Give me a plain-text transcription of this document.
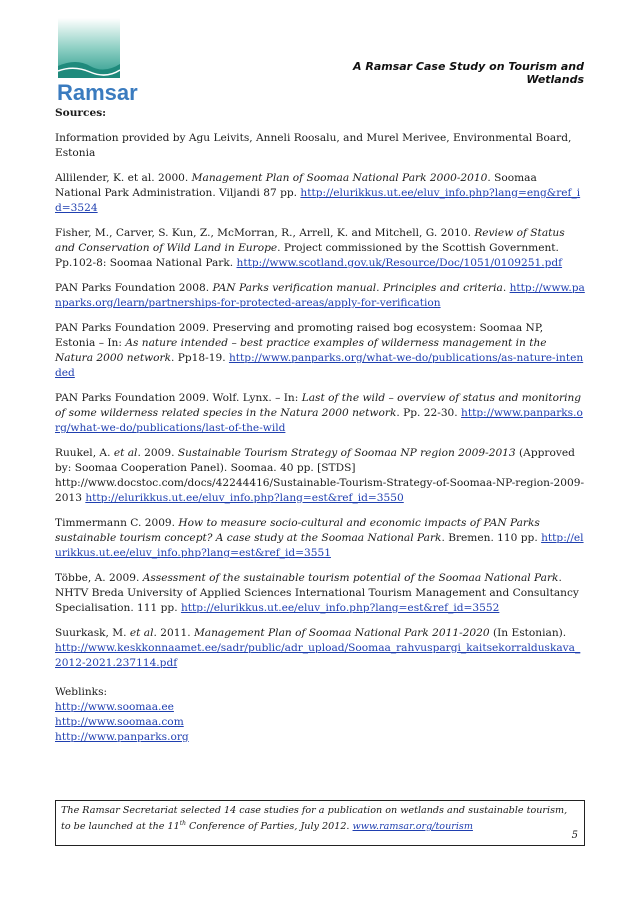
Ramsar
A Ramsar Case Study on Tourism and Wetlands

Sources:

Information provided by Agu Leivits, Anneli Roosalu, and Murel Merivee, Environmental Board, Estonia

Allilender, K. et al. 2000. Management Plan of Soomaa National Park 2000-2010. Soomaa National Park Administration. Viljandi 87 pp. http://elurikkus.ut.ee/eluv_info.php?lang=eng&ref_id=3524

Fisher, M., Carver, S. Kun, Z., McMorran, R., Arrell, K. and Mitchell, G. 2010. Review of Status and Conservation of Wild Land in Europe. Project commissioned by the Scottish Government. Pp.102-8: Soomaa National Park. http://www.scotland.gov.uk/Resource/Doc/1051/0109251.pdf

PAN Parks Foundation 2008. PAN Parks verification manual. Principles and criteria. http://www.panparks.org/learn/partnerships-for-protected-areas/apply-for-verification

PAN Parks Foundation 2009. Preserving and promoting raised bog ecosystem: Soomaa NP, Estonia – In: As nature intended – best practice examples of wilderness management in the Natura 2000 network. Pp18-19. http://www.panparks.org/what-we-do/publications/as-nature-intended

PAN Parks Foundation 2009. Wolf. Lynx. – In: Last of the wild – overview of status and monitoring of some wilderness related species in the Natura 2000 network. Pp. 22-30. http://www.panparks.org/what-we-do/publications/last-of-the-wild

Ruukel, A. et al. 2009. Sustainable Tourism Strategy of Soomaa NP region 2009-2013 (Approved by: Soomaa Cooperation Panel). Soomaa. 40 pp. [STDS] http://www.docstoc.com/docs/42244416/Sustainable-Tourism-Strategy-of-Soomaa-NP-region-2009-2013 http://elurikkus.ut.ee/eluv_info.php?lang=est&ref_id=3550

Timmermann C. 2009. How to measure socio-cultural and economic impacts of PAN Parks sustainable tourism concept? A case study at the Soomaa National Park. Bremen. 110 pp. http://elurikkus.ut.ee/eluv_info.php?lang=est&ref_id=3551

Többe, A. 2009. Assessment of the sustainable tourism potential of the Soomaa National Park. NHTV Breda University of Applied Sciences International Tourism Management and Consultancy Specialisation. 111 pp. http://elurikkus.ut.ee/eluv_info.php?lang=est&ref_id=3552

Suurkask, M. et al. 2011. Management Plan of Soomaa National Park 2011-2020 (In Estonian).
http://www.keskkonnaamet.ee/sadr/public/adr_upload/Soomaa_rahvuspargi_kaitsekorralduskava_2012-2021.237114.pdf

Weblinks:
http://www.soomaa.ee
http://www.soomaa.com
http://www.panparks.org

The Ramsar Secretariat selected 14 case studies for a publication on wetlands and sustainable tourism,
to be launched at the 11th Conference of Parties, July 2012. www.ramsar.org/tourism
5
